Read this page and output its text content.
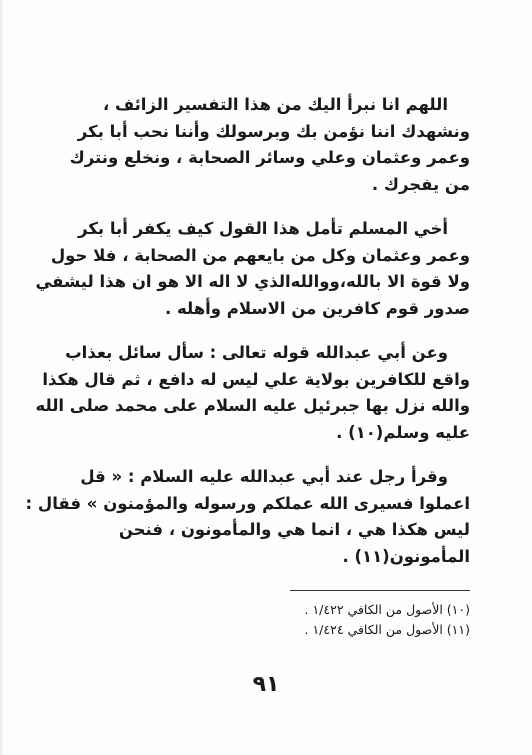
اللهم انا نبرأ اليك من هذا التفسير الزائف ،
ونشهدك اننا نؤمن بك وبرسولك وأننا نحب أبا بكر
وعمر وعثمان وعلي وسائر الصحابة ، ونخلع ونترك
من يفجرك .

أخي المسلم تأمل هذا القول كيف يكفر أبا بكر
وعمر وعثمان وكل من بايعهم من الصحابة ، فلا حول
ولا قوة الا بالله،ووالله‌الذي لا اله الا هو ان هذا ليشفي
صدور قوم كافرين من الاسلام وأهله .

وعن أبي عبدالله قوله تعالى : سأل سائل بعذاب
واقع للكافرين بولاية علي ليس له دافع ، ثم قال هكذا
والله نزل بها جبرئيل عليه السلام على محمد صلى الله
عليه وسلم(١٠) .

وقرأ رجل عند أبي عبدالله عليه السلام : « قل
اعملوا فسيرى الله عملكم ورسوله والمؤمنون » فقال :
ليس هكذا هي ، انما هي والمأمونون ، فنحن
المأمونون(١١) .

(١٠) الأصول من الكافي ١/٤٢٢ .
(١١) الأصول من الكافي ١/٤٢٤ .
٩١
